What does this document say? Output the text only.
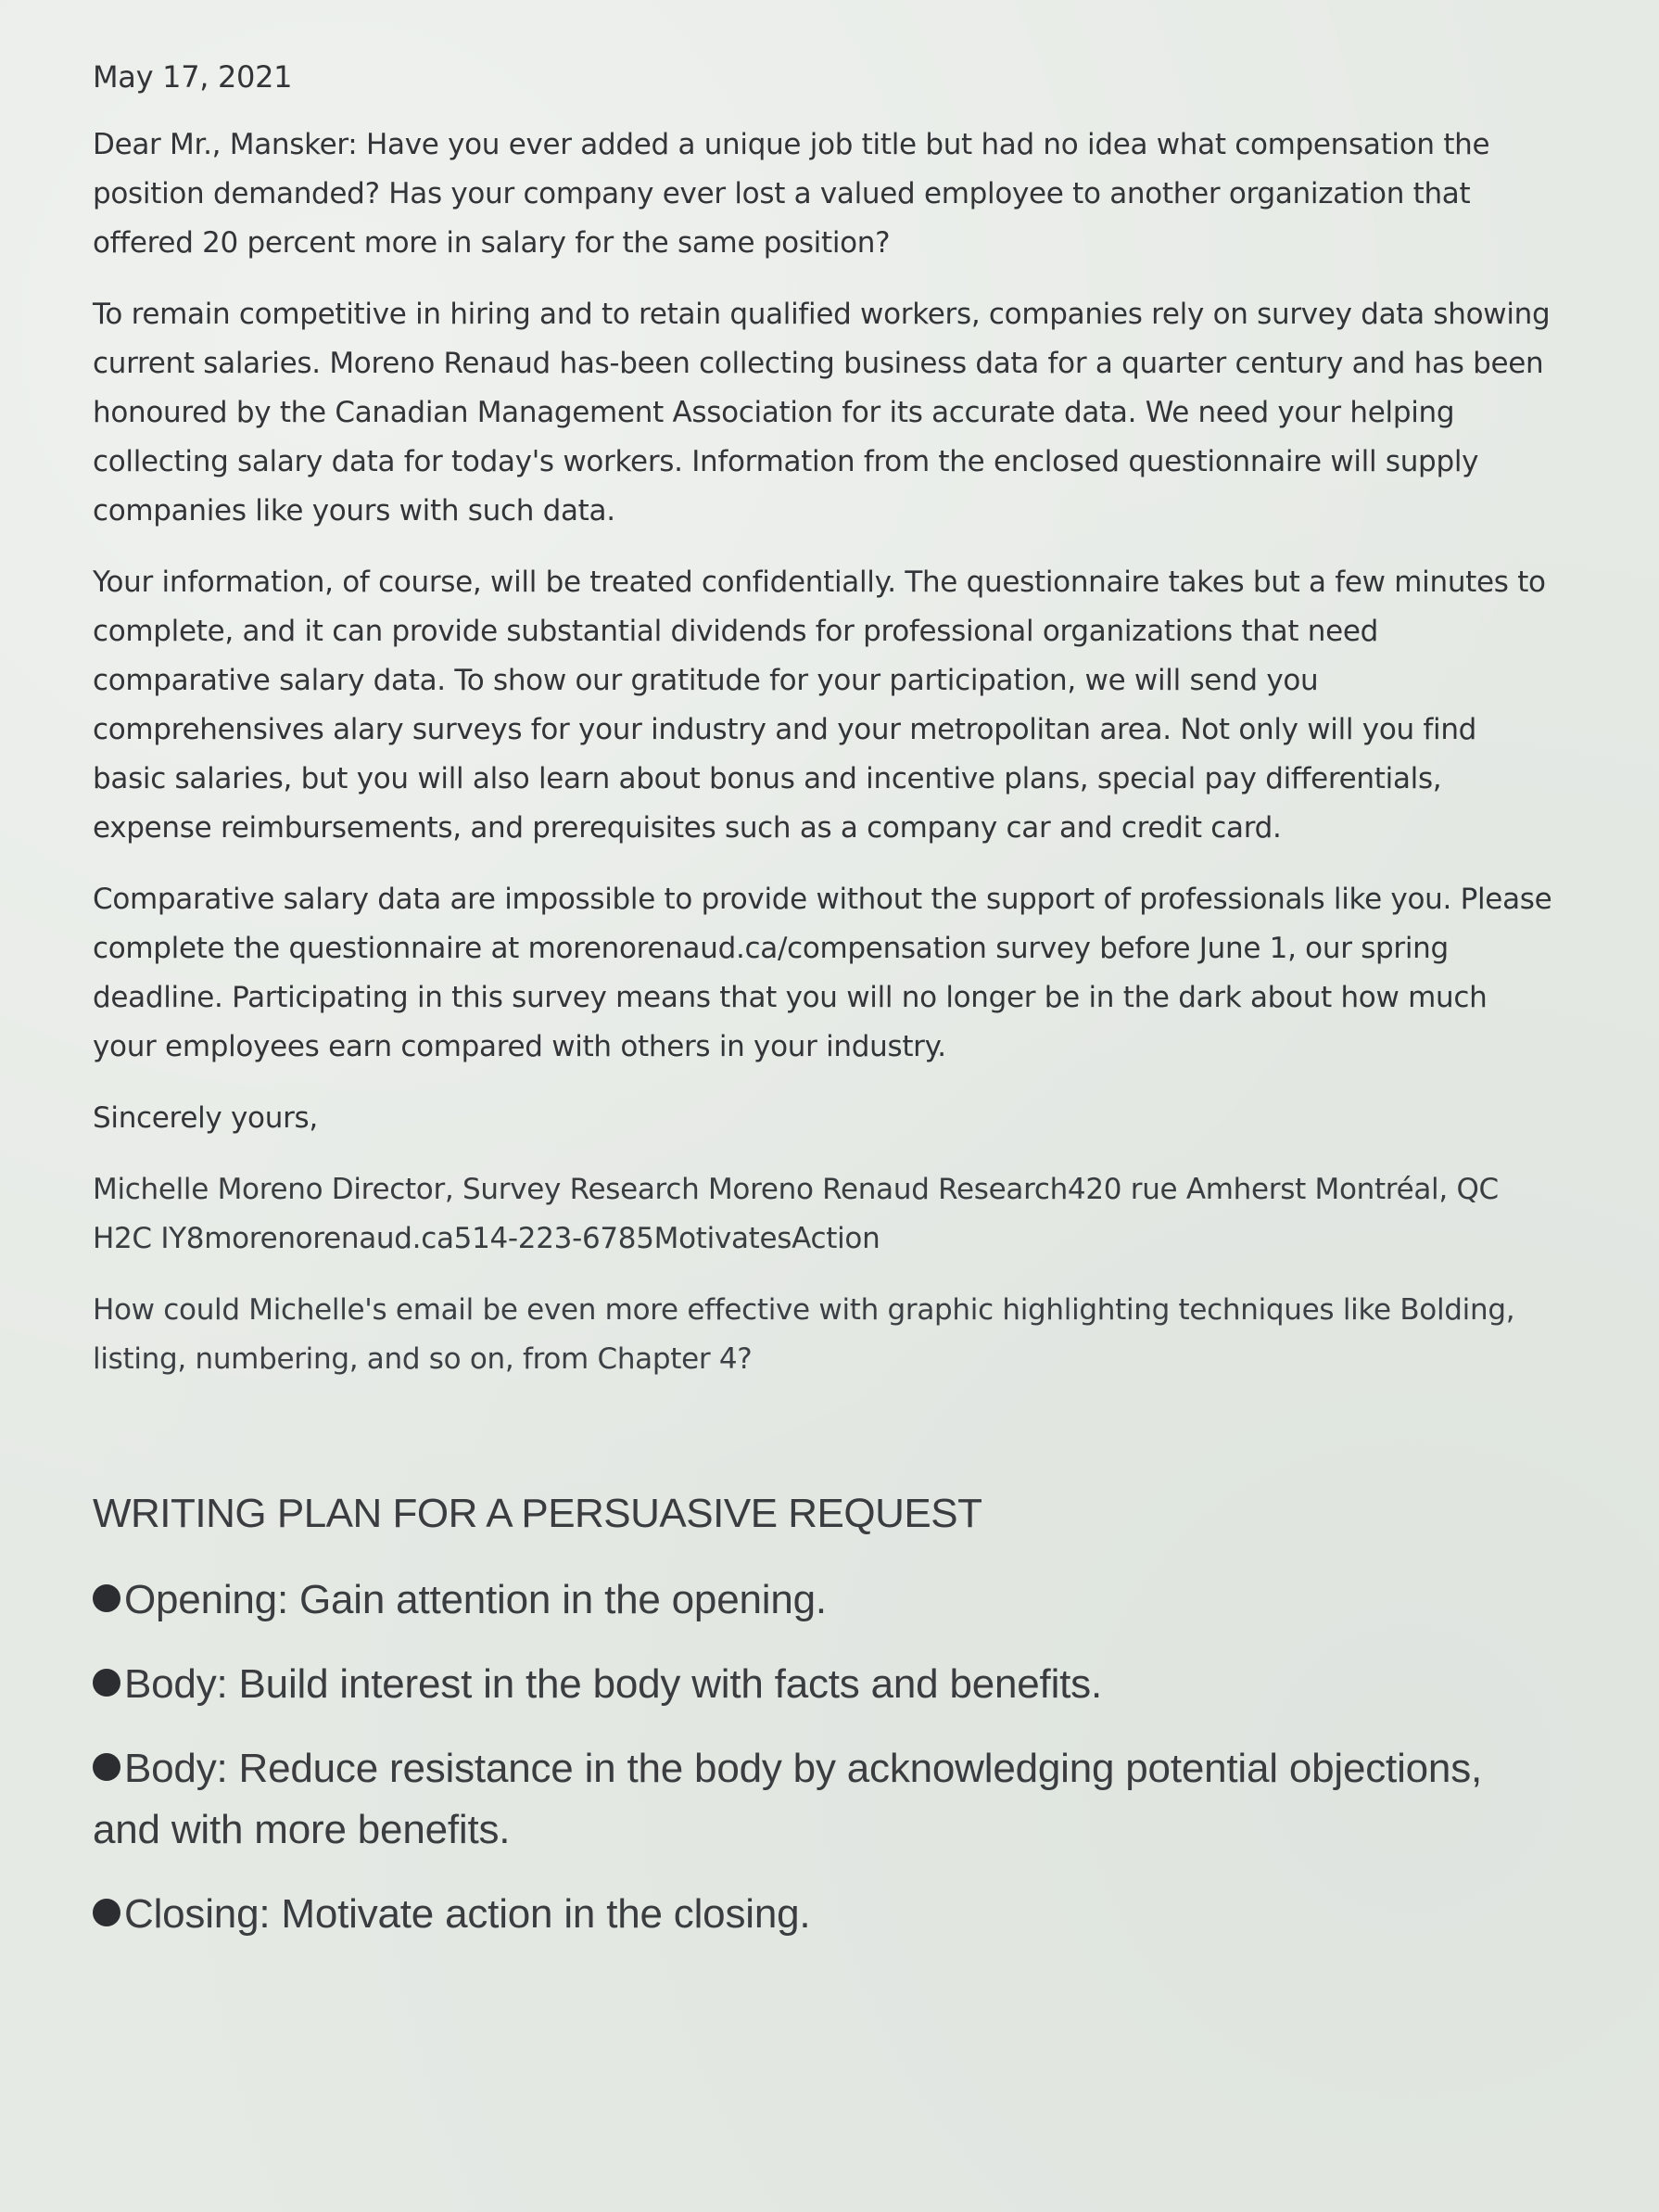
May 17, 2021

Dear Mr., Mansker: Have you ever added a unique job title but had no idea what compensation the position demanded? Has your company ever lost a valued employee to another organization that offered 20 percent more in salary for the same position?

To remain competitive in hiring and to retain qualified workers, companies rely on survey data showing current salaries. Moreno Renaud has-been collecting business data for a quarter century and has been honoured by the Canadian Management Association for its accurate data. We need your helping collecting salary data for today's workers. Information from the enclosed questionnaire will supply companies like yours with such data.

Your information, of course, will be treated confidentially. The questionnaire takes but a few minutes to complete, and it can provide substantial dividends for professional organizations that need comparative salary data. To show our gratitude for your participation, we will send you comprehensives alary surveys for your industry and your metropolitan area. Not only will you find basic salaries, but you will also learn about bonus and incentive plans, special pay differentials, expense reimbursements, and prerequisites such as a company car and credit card.

Comparative salary data are impossible to provide without the support of professionals like you. Please complete the questionnaire at morenorenaud.ca/compensation survey before June 1, our spring deadline. Participating in this survey means that you will no longer be in the dark about how much your employees earn compared with others in your industry.

Sincerely yours,

Michelle Moreno Director, Survey Research Moreno Renaud Research420 rue Amherst Montréal, QC H2C IY8morenorenaud.ca514-223-6785MotivatesAction

How could Michelle's email be even more effective with graphic highlighting techniques like Bolding, listing, numbering, and so on, from Chapter 4?

WRITING PLAN FOR A PERSUASIVE REQUEST
Opening: Gain attention in the opening.
Body: Build interest in the body with facts and benefits.
Body: Reduce resistance in the body by acknowledging potential objections, and with more benefits.
Closing: Motivate action in the closing.
